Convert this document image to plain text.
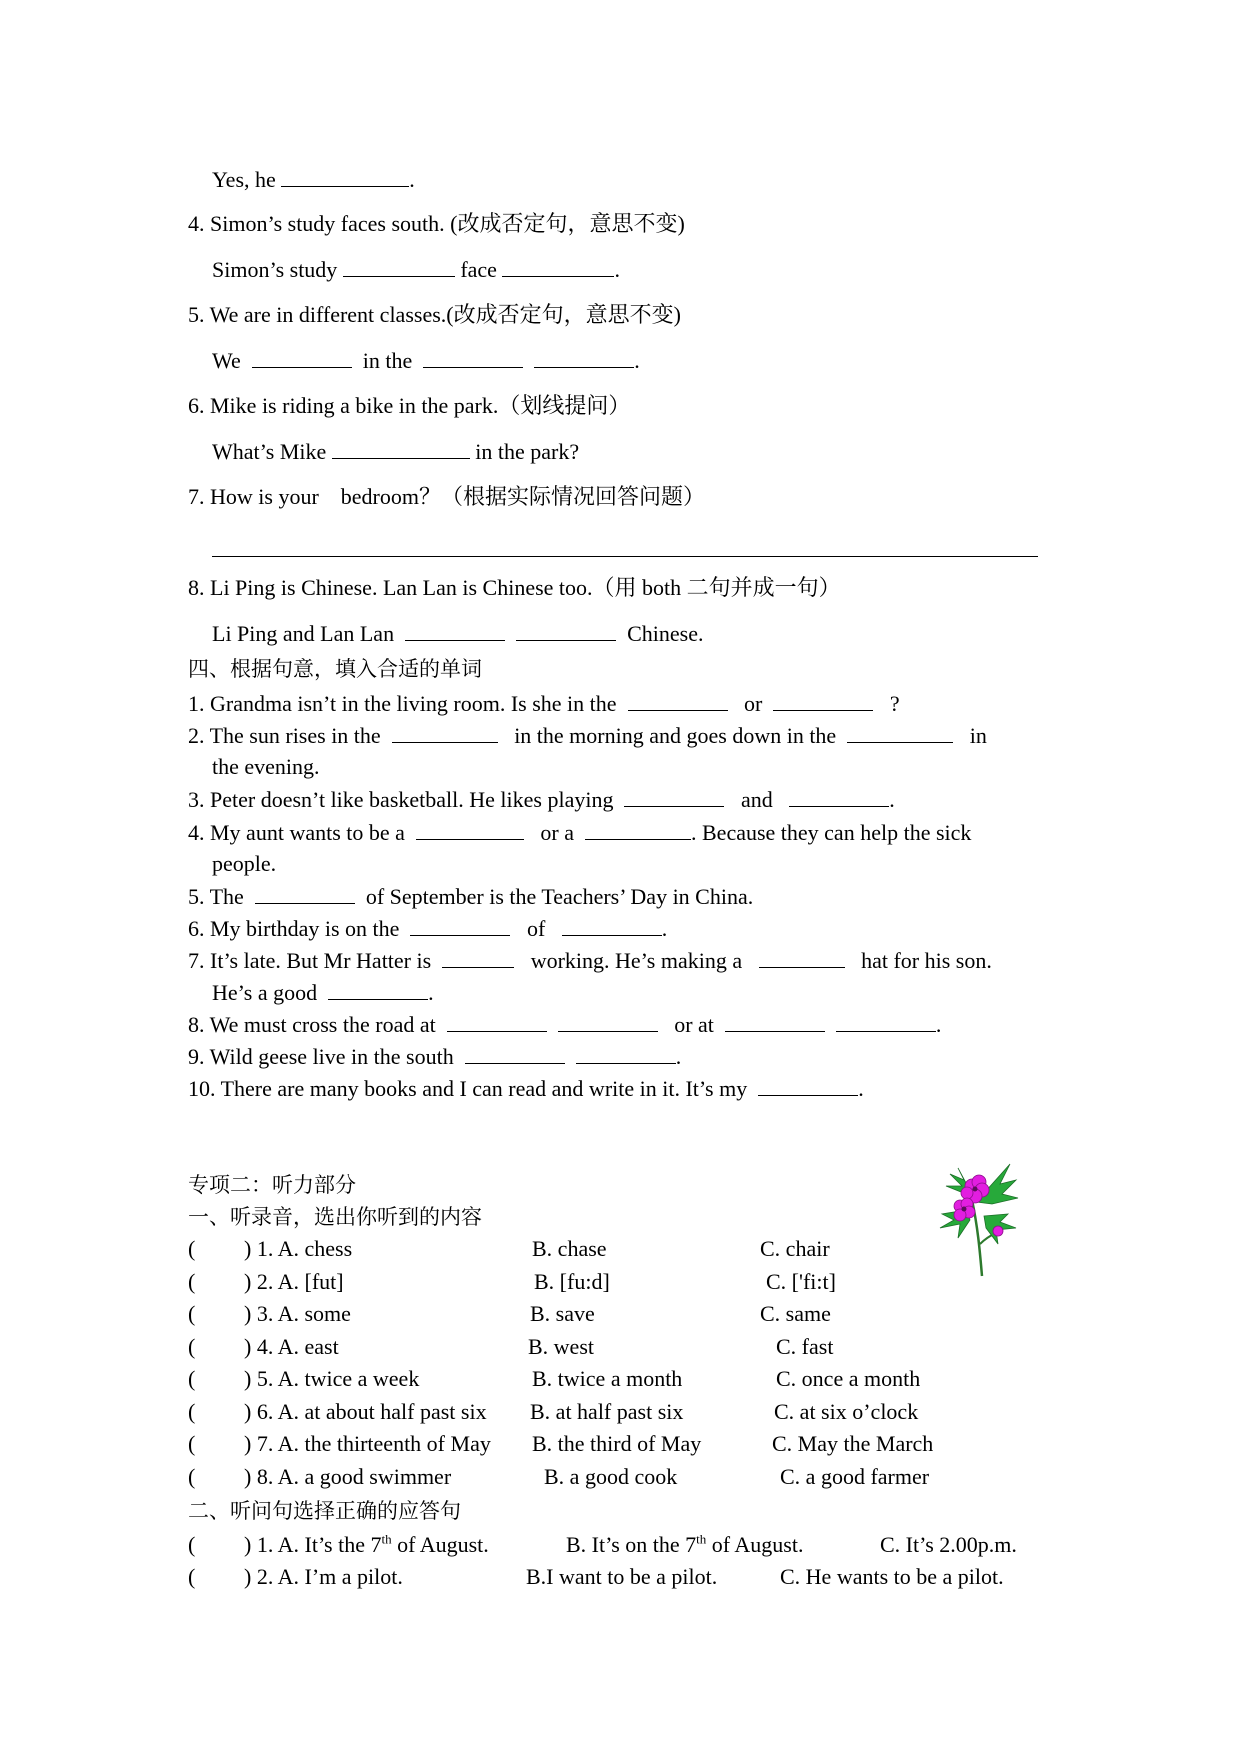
Yes, he	.
4. Simon’s study faces south. (改成否定句，意思不变)
Simon’s study	face	.
5. We are in different classes.(改成否定句，意思不变)
We	in the	.
6. Mike is riding a bike in the park.（划线提问）
What’s Mike	in the park?
7. How is your    bedroom？（根据实际情况回答问题）
8. Li Ping is Chinese. Lan Lan is Chinese too.（用 both 二句并成一句）
Li Ping and Lan Lan	Chinese.
四、根据句意，填入合适的单词
1. Grandma isn’t in the living room. Is she in the	or	?
2. The sun rises in the	in the morning and goes down in the	in
the evening.
3. Peter doesn’t like basketball. He likes playing	and	.
4. My aunt wants to be a	or a	. Because they can help the sick
people.
5. The	of September is the Teachers’ Day in China.
6. My birthday is on the	of	.
7. It’s late. But Mr Hatter is	working. He’s making a	hat for his son.
He’s a good	.
8. We must cross the road at	or at	.
9. Wild geese live in the south	.
10. There are many books and I can read and write in it. It’s my	.
专项二：听力部分
一、听录音，选出你听到的内容
( ) 1. A. chess	B. chase	C. chair
( ) 2. A. [fut]	B. [fu:d]	C. ['fi:t]
( ) 3. A. some	B. save	C. same
( ) 4. A. east	B. west	C. fast
( ) 5. A. twice a week	B. twice a month	C. once a month
( ) 6. A. at about half past six B. at half past six	C. at six o’clock
( ) 7. A. the thirteenth of May B. the third of May	C. May the March
( ) 8. A. a good swimmer	B. a good cook	C. a good farmer
二、听问句选择正确的应答句
( ) 1. A. It’s the 7th of August.	B. It’s on the 7th of August.	C. It’s 2.00p.m.
( ) 2. A. I’m a pilot.	B.I want to be a pilot.	C. He wants to be a pilot.
